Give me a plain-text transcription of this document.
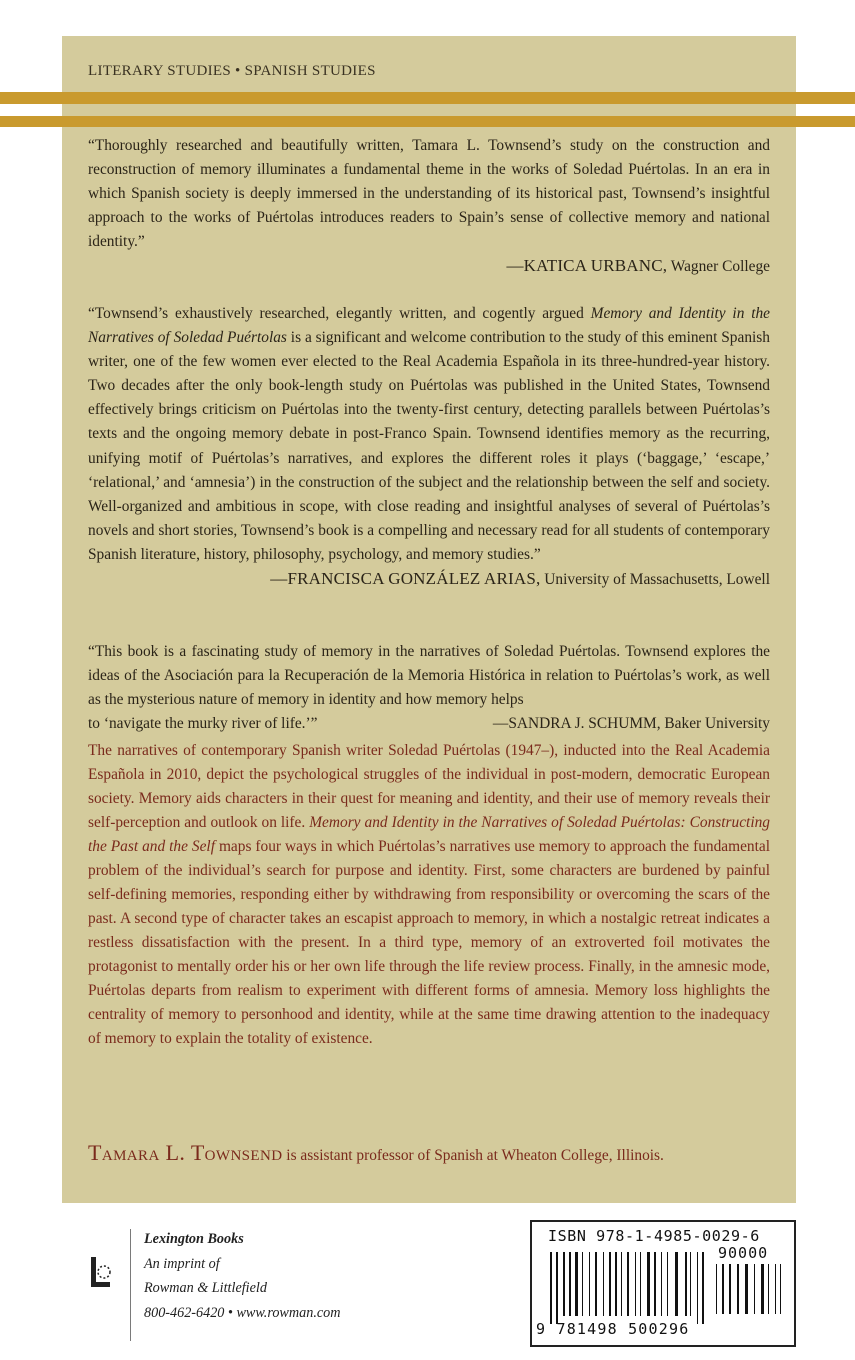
LITERARY STUDIES • SPANISH STUDIES

“Thoroughly researched and beautifully written, Tamara L. Townsend’s study on the construction and reconstruction of memory illuminates a fundamental theme in the works of Soledad Puértolas. In an era in which Spanish society is deeply immersed in the understanding of its historical past, Townsend’s insightful approach to the works of Puértolas introduces readers to Spain’s sense of collective memory and national identity.”

—KATICA URBANC, Wagner College

“Townsend’s exhaustively researched, elegantly written, and cogently argued Memory and Identity in the Narratives of Soledad Puértolas is a significant and welcome contribution to the study of this eminent Spanish writer, one of the few women ever elected to the Real Academia Española in its three-hundred-year history. Two decades after the only book-length study on Puértolas was published in the United States, Townsend effectively brings criticism on Puértolas into the twenty-first century, detecting parallels between Puértolas’s texts and the ongoing memory debate in post-Franco Spain. Townsend identifies memory as the recurring, unifying motif of Puértolas’s narratives, and explores the different roles it plays (‘baggage,’ ‘escape,’ ‘relational,’ and ‘amnesia’) in the construction of the subject and the relationship between the self and society. Well-organized and ambitious in scope, with close reading and insightful analyses of several of Puértolas’s novels and short stories, Townsend’s book is a compelling and necessary read for all students of contemporary Spanish literature, history, philosophy, psychology, and memory studies.”

—FRANCISCA GONZÁLEZ ARIAS, University of Massachusetts, Lowell

“This book is a fascinating study of memory in the narratives of Soledad Puértolas. Townsend explores the ideas of the Asociación para la Recuperación de la Memoria Histórica in relation to Puértolas’s work, as well as the mysterious nature of memory in identity and how memory helps

to ‘navigate the murky river of life.’”	—SANDRA J. SCHUMM, Baker University

The narratives of contemporary Spanish writer Soledad Puértolas (1947–), inducted into the Real Academia Española in 2010, depict the psychological struggles of the individual in post-modern, democratic European society. Memory aids characters in their quest for meaning and identity, and their use of memory reveals their self-perception and outlook on life. Memory and Identity in the Narratives of Soledad Puértolas: Constructing the Past and the Self maps four ways in which Puértolas’s narratives use memory to approach the fundamental problem of the individual’s search for purpose and identity. First, some characters are burdened by painful self-defining memories, responding either by withdrawing from responsibility or overcoming the scars of the past. A second type of character takes an escapist approach to memory, in which a nostalgic retreat indicates a restless dissatisfaction with the present. In a third type, memory of an extroverted foil motivates the protagonist to mentally order his or her own life through the life review process. Finally, in the amnesic mode, Puértolas departs from realism to experiment with different forms of amnesia. Memory loss highlights the centrality of memory to personhood and identity, while at the same time drawing attention to the inadequacy of memory to explain the totality of existence.

Tamara L. Townsend is assistant professor of Spanish at Wheaton College, Illinois.
Lexington Books
An imprint of
Rowman & Littlefield
800-462-6420 • www.rowman.com
ISBN 978-1-4985-0029-6
90000
9 781498 500296
